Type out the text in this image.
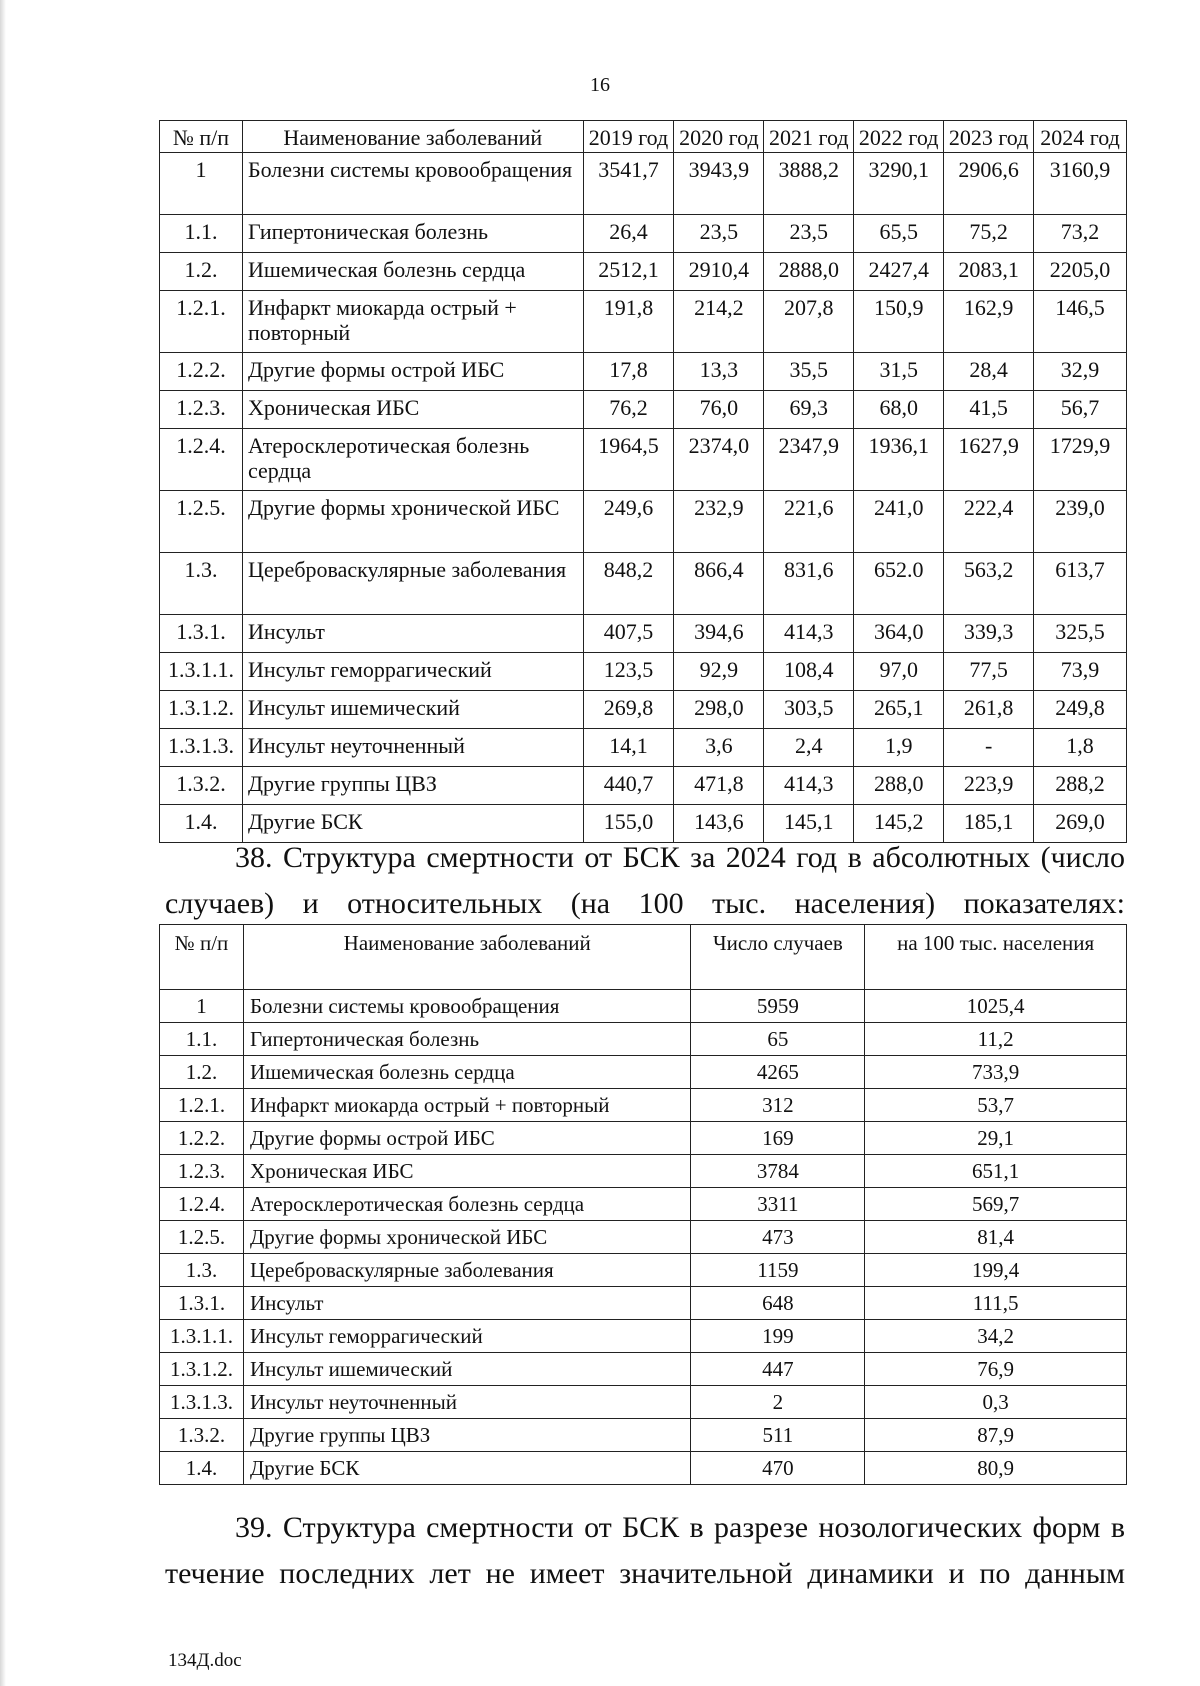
16
№ п/п	Наименование заболеваний	2019 год	2020 год	2021 год	2022 год	2023 год	2024 год
1	Болезни системы кровообращения	3541,7	3943,9	3888,2	3290,1	2906,6	3160,9
1.1.	Гипертоническая болезнь	26,4	23,5	23,5	65,5	75,2	73,2
1.2.	Ишемическая болезнь сердца	2512,1	2910,4	2888,0	2427,4	2083,1	2205,0
1.2.1.	Инфаркт миокарда острый + повторный	191,8	214,2	207,8	150,9	162,9	146,5
1.2.2.	Другие формы острой ИБС	17,8	13,3	35,5	31,5	28,4	32,9
1.2.3.	Хроническая ИБС	76,2	76,0	69,3	68,0	41,5	56,7
1.2.4.	Атеросклеротическая болезнь сердца	1964,5	2374,0	2347,9	1936,1	1627,9	1729,9
1.2.5.	Другие формы хронической ИБС	249,6	232,9	221,6	241,0	222,4	239,0
1.3.	Цереброваскулярные заболевания	848,2	866,4	831,6	652.0	563,2	613,7
1.3.1.	Инсульт	407,5	394,6	414,3	364,0	339,3	325,5
1.3.1.1.	Инсульт геморрагический	123,5	92,9	108,4	97,0	77,5	73,9
1.3.1.2.	Инсульт ишемический	269,8	298,0	303,5	265,1	261,8	249,8
1.3.1.3.	Инсульт неуточненный	14,1	3,6	2,4	1,9	-	1,8
1.3.2.	Другие группы ЦВЗ	440,7	471,8	414,3	288,0	223,9	288,2
1.4.	Другие БСК	155,0	143,6	145,1	145,2	185,1	269,0
38. Структура смертности от БСК за 2024 год в абсолютных (число случаев) и относительных (на 100 тыс. населения) показателях:
№ п/п	Наименование заболеваний	Число случаев	на 100 тыс. населения
1	Болезни системы кровообращения	5959	1025,4
1.1.	Гипертоническая болезнь	65	11,2
1.2.	Ишемическая болезнь сердца	4265	733,9
1.2.1.	Инфаркт миокарда острый + повторный	312	53,7
1.2.2.	Другие формы острой ИБС	169	29,1
1.2.3.	Хроническая ИБС	3784	651,1
1.2.4.	Атеросклеротическая болезнь сердца	3311	569,7
1.2.5.	Другие формы хронической ИБС	473	81,4
1.3.	Цереброваскулярные заболевания	1159	199,4
1.3.1.	Инсульт	648	111,5
1.3.1.1.	Инсульт геморрагический	199	34,2
1.3.1.2.	Инсульт ишемический	447	76,9
1.3.1.3.	Инсульт неуточненный	2	0,3
1.3.2.	Другие группы ЦВЗ	511	87,9
1.4.	Другие БСК	470	80,9
39. Структура смертности от БСК в разрезе нозологических форм в течение последних лет не имеет значительной динамики и по данным
134Д.doc
